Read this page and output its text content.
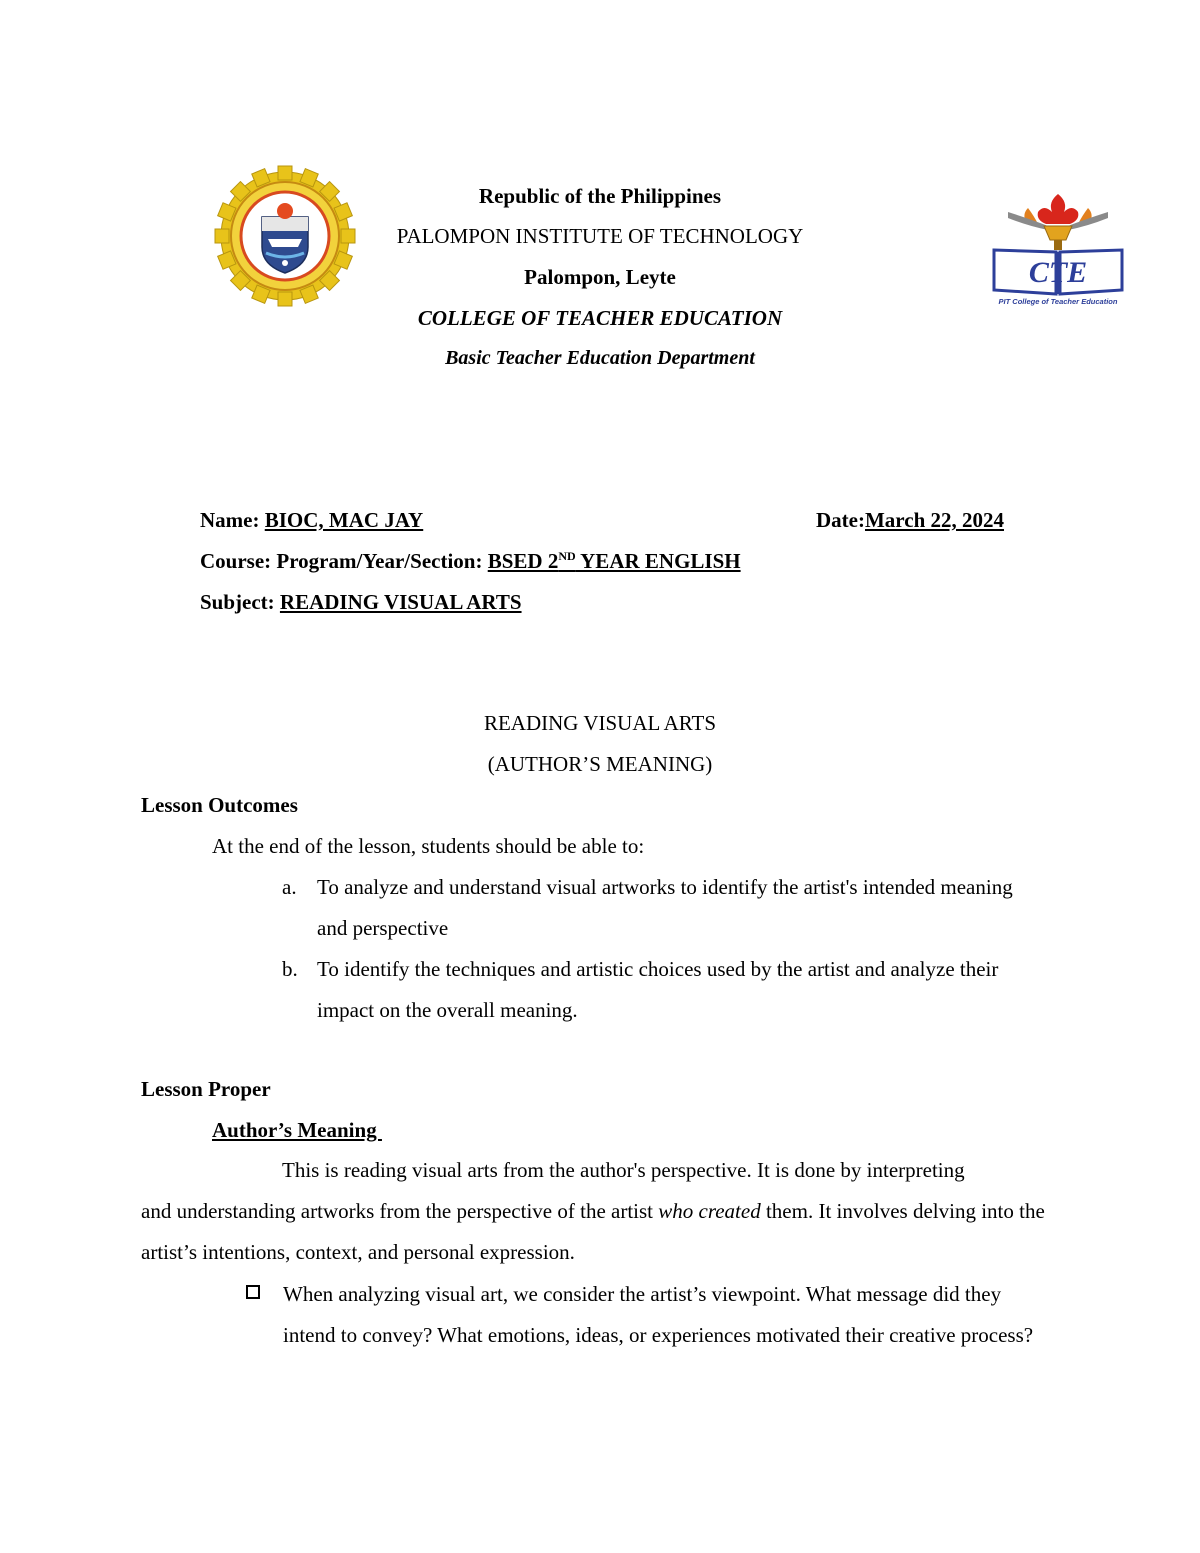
CTE
PIT College of Teacher Education
Republic of the Philippines
PALOMPON INSTITUTE OF TECHNOLOGY
Palompon, Leyte
COLLEGE OF TEACHER EDUCATION
Basic Teacher Education Department
Name: BIOC, MAC JAY	Date:March 22, 2024
Course: Program/Year/Section: BSED 2ND YEAR ENGLISH
Subject: READING VISUAL ARTS
READING VISUAL ARTS
(AUTHOR’S MEANING)
Lesson Outcomes
At the end of the lesson, students should be able to:
a. To analyze and understand visual artworks to identify the artist's intended meaning and perspective
b. To identify the techniques and artistic choices used by the artist and analyze their impact on the overall meaning.
Lesson Proper
Author’s Meaning
This is reading visual arts from the author's perspective. It is done by interpreting
and understanding artworks from the perspective of the artist who created them. It involves delving into the artist’s intentions, context, and personal expression.
When analyzing visual art, we consider the artist’s viewpoint. What message did they intend to convey? What emotions, ideas, or experiences motivated their creative process?
